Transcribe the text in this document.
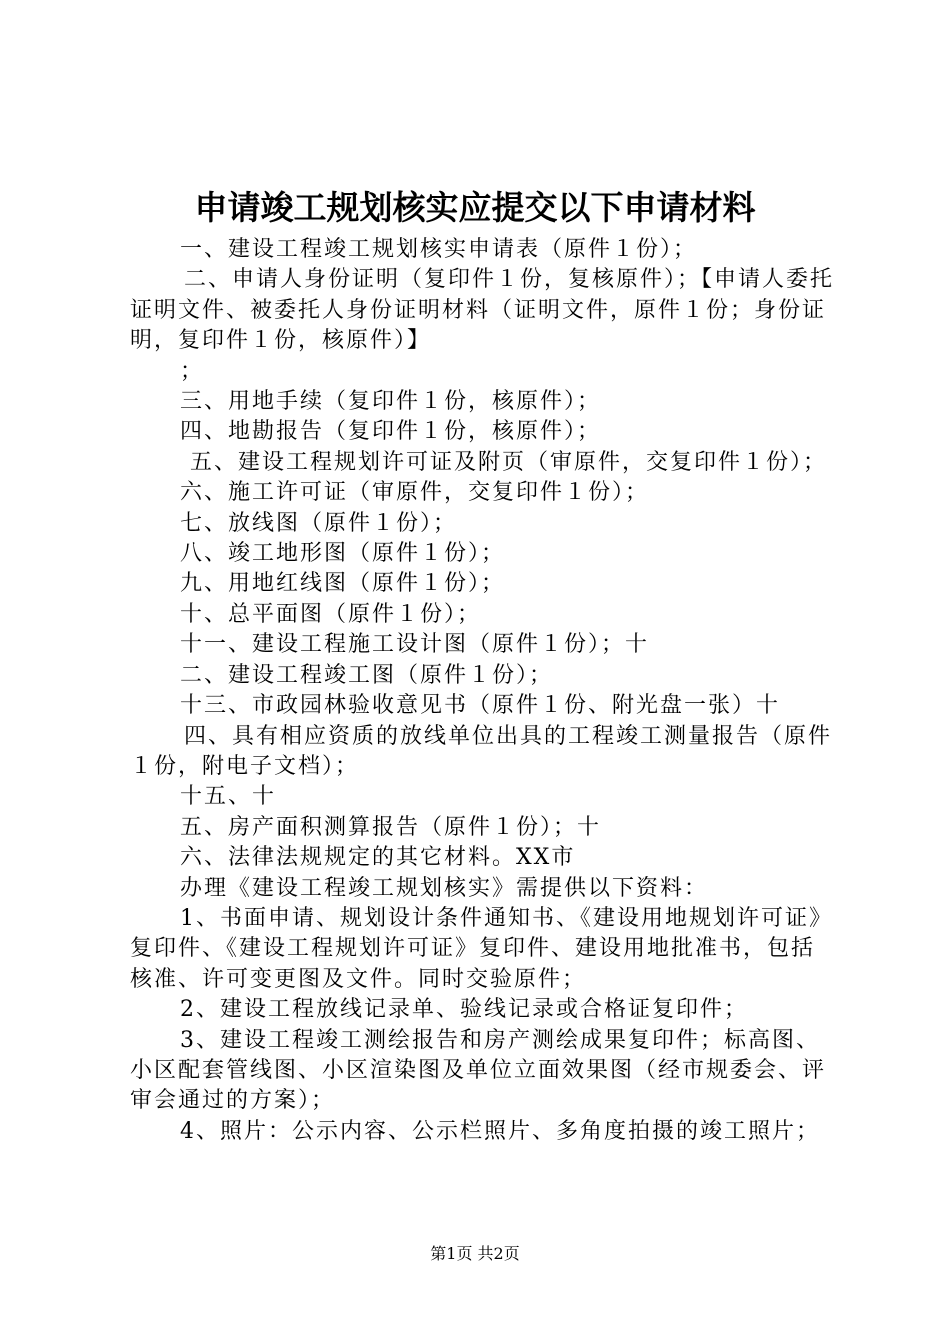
申请竣工规划核实应提交以下申请材料

一、建设工程竣工规划核实申请表（原件１份）；

二、申请人身份证明（复印件１份，复核原件）；【申请人委托证明文件、被委托人身份证明材料（证明文件，原件１份；身份证明，复印件１份，核原件）】

；

三、用地手续（复印件１份，核原件）；

四、地勘报告（复印件１份，核原件）；

五、建设工程规划许可证及附页（审原件，交复印件１份）；

六、施工许可证（审原件，交复印件１份）；

七、放线图（原件１份）；

八、竣工地形图（原件１份）；

九、用地红线图（原件１份）；

十、总平面图（原件１份）；

十一、建设工程施工设计图（原件１份）；十

二、建设工程竣工图（原件１份）；

十三、市政园林验收意见书（原件１份、附光盘一张）十

四、具有相应资质的放线单位出具的工程竣工测量报告（原件１份，附电子文档）；

十五、十

五、房产面积测算报告（原件１份）；十

六、法律法规规定的其它材料。XX市

办理《建设工程竣工规划核实》需提供以下资料：

1、书面申请、规划设计条件通知书、《建设用地规划许可证》复印件、《建设工程规划许可证》复印件、建设用地批准书，包括核准、许可变更图及文件。同时交验原件；

2、建设工程放线记录单、验线记录或合格证复印件；

3、建设工程竣工测绘报告和房产测绘成果复印件；标高图、小区配套管线图、小区渲染图及单位立面效果图（经市规委会、评审会通过的方案）；

4、照片：公示内容、公示栏照片、多角度拍摄的竣工照片；

第1页 共2页
